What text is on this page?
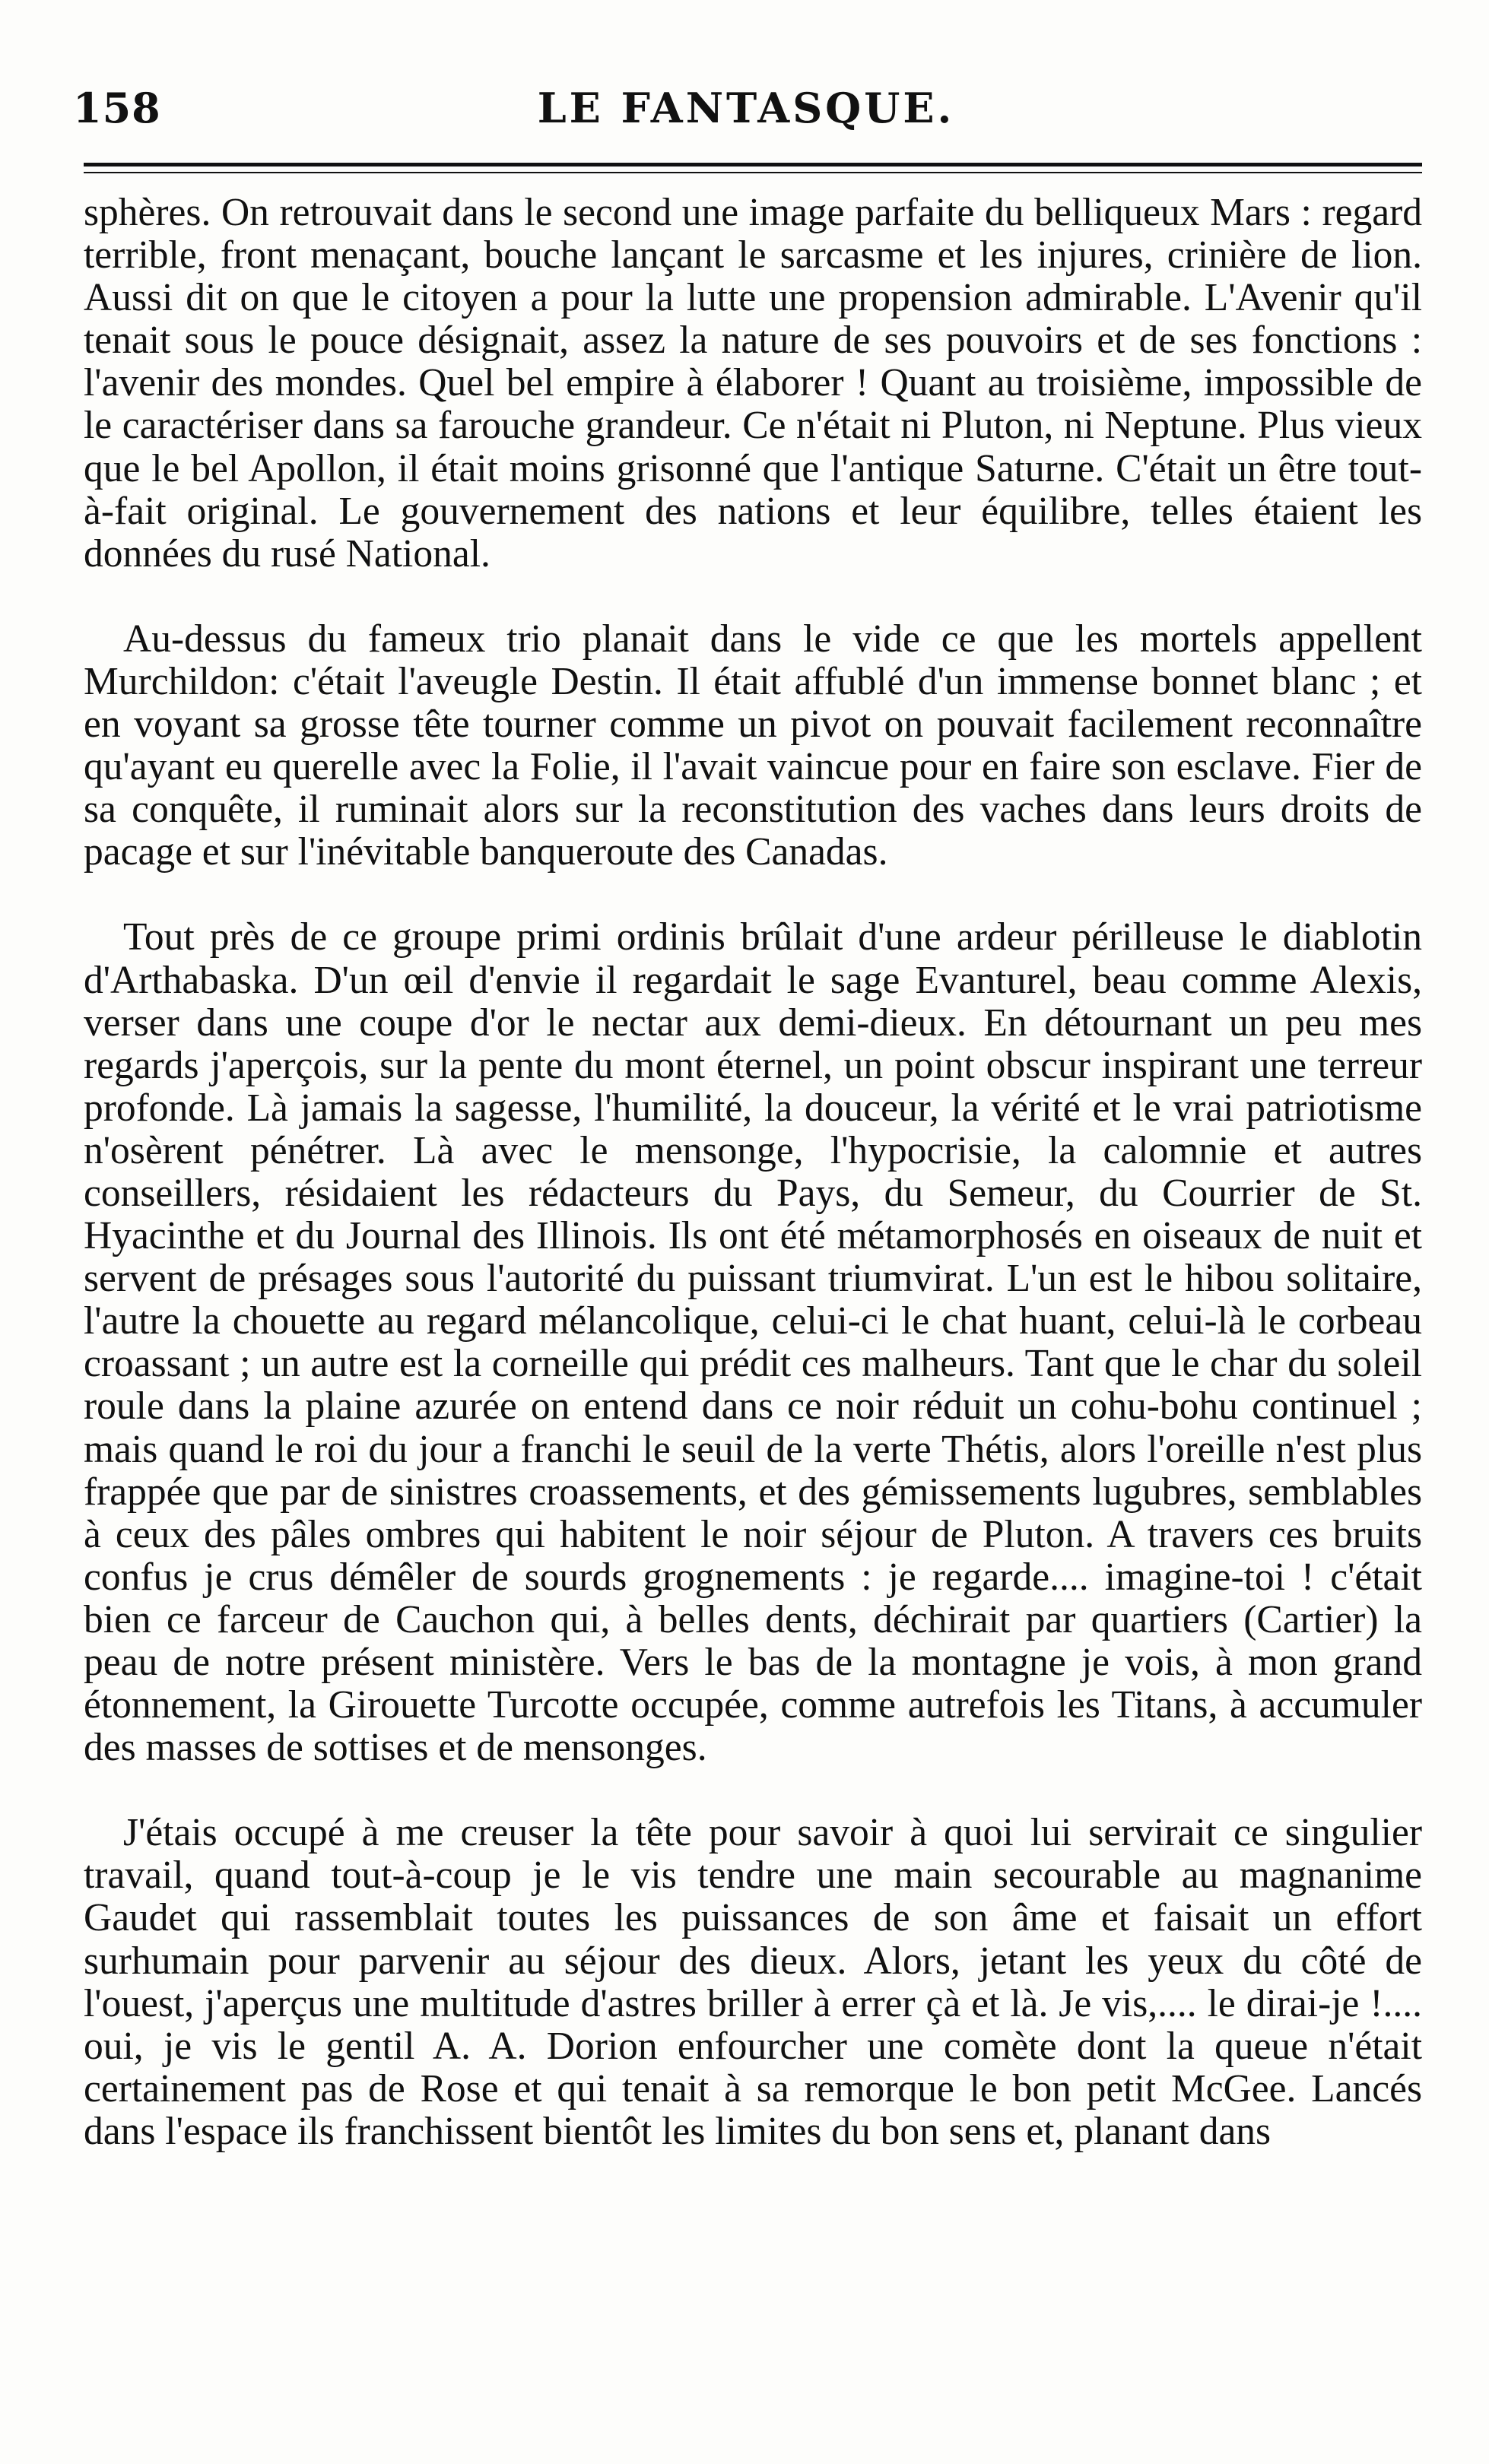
158	LE FANTASQUE.

sphères. On retrouvait dans le second une image parfaite du belliqueux Mars : regard terrible, front menaçant, bouche lançant le sarcasme et les injures, crinière de lion. Aussi dit on que le citoyen a pour la lutte une propension admirable. L'Avenir qu'il tenait sous le pouce désignait, assez la nature de ses pouvoirs et de ses fonctions : l'avenir des mondes. Quel bel empire à élaborer ! Quant au troisième, impossible de le caractériser dans sa farouche grandeur. Ce n'était ni Pluton, ni Neptune. Plus vieux que le bel Apollon, il était moins grisonné que l'antique Saturne. C'était un être tout-à-fait original. Le gouvernement des nations et leur équilibre, telles étaient les données du rusé National.

Au-dessus du fameux trio planait dans le vide ce que les mortels appellent Murchildon: c'était l'aveugle Destin. Il était affublé d'un immense bonnet blanc ; et en voyant sa grosse tête tourner comme un pivot on pouvait facilement reconnaître qu'ayant eu querelle avec la Folie, il l'avait vaincue pour en faire son esclave. Fier de sa conquête, il ruminait alors sur la reconstitution des vaches dans leurs droits de pacage et sur l'inévitable banqueroute des Canadas.

Tout près de ce groupe primi ordinis brûlait d'une ardeur périlleuse le diablotin d'Arthabaska. D'un œil d'envie il regardait le sage Evanturel, beau comme Alexis, verser dans une coupe d'or le nectar aux demi-dieux. En détournant un peu mes regards j'aperçois, sur la pente du mont éternel, un point obscur inspirant une terreur profonde. Là jamais la sagesse, l'humilité, la douceur, la vérité et le vrai patriotisme n'osèrent pénétrer. Là avec le mensonge, l'hypocrisie, la calomnie et autres conseillers, résidaient les rédacteurs du Pays, du Semeur, du Courrier de St. Hyacinthe et du Journal des Illinois. Ils ont été métamorphosés en oiseaux de nuit et servent de présages sous l'autorité du puissant triumvirat. L'un est le hibou solitaire, l'autre la chouette au regard mélancolique, celui-ci le chat huant, celui-là le corbeau croassant ; un autre est la corneille qui prédit ces malheurs. Tant que le char du soleil roule dans la plaine azurée on entend dans ce noir réduit un cohu-bohu continuel ; mais quand le roi du jour a franchi le seuil de la verte Thétis, alors l'oreille n'est plus frappée que par de sinistres croassements, et des gémissements lugubres, semblables à ceux des pâles ombres qui habitent le noir séjour de Pluton. A travers ces bruits confus je crus démêler de sourds grognements : je regarde.... imagine-toi ! c'était bien ce farceur de Cauchon qui, à belles dents, déchirait par quartiers (Cartier) la peau de notre présent ministère. Vers le bas de la montagne je vois, à mon grand étonnement, la Girouette Turcotte occupée, comme autrefois les Titans, à accumuler des masses de sottises et de mensonges.

J'étais occupé à me creuser la tête pour savoir à quoi lui servirait ce singulier travail, quand tout-à-coup je le vis tendre une main secourable au magnanime Gaudet qui rassemblait toutes les puissances de son âme et faisait un effort surhumain pour parvenir au séjour des dieux. Alors, jetant les yeux du côté de l'ouest, j'aperçus une multitude d'astres briller à errer çà et là. Je vis,.... le dirai-je !.... oui, je vis le gentil A. A. Dorion enfourcher une comète dont la queue n'était certainement pas de Rose et qui tenait à sa remorque le bon petit McGee. Lancés dans l'espace ils franchissent bientôt les limites du bon sens et, planant dans
